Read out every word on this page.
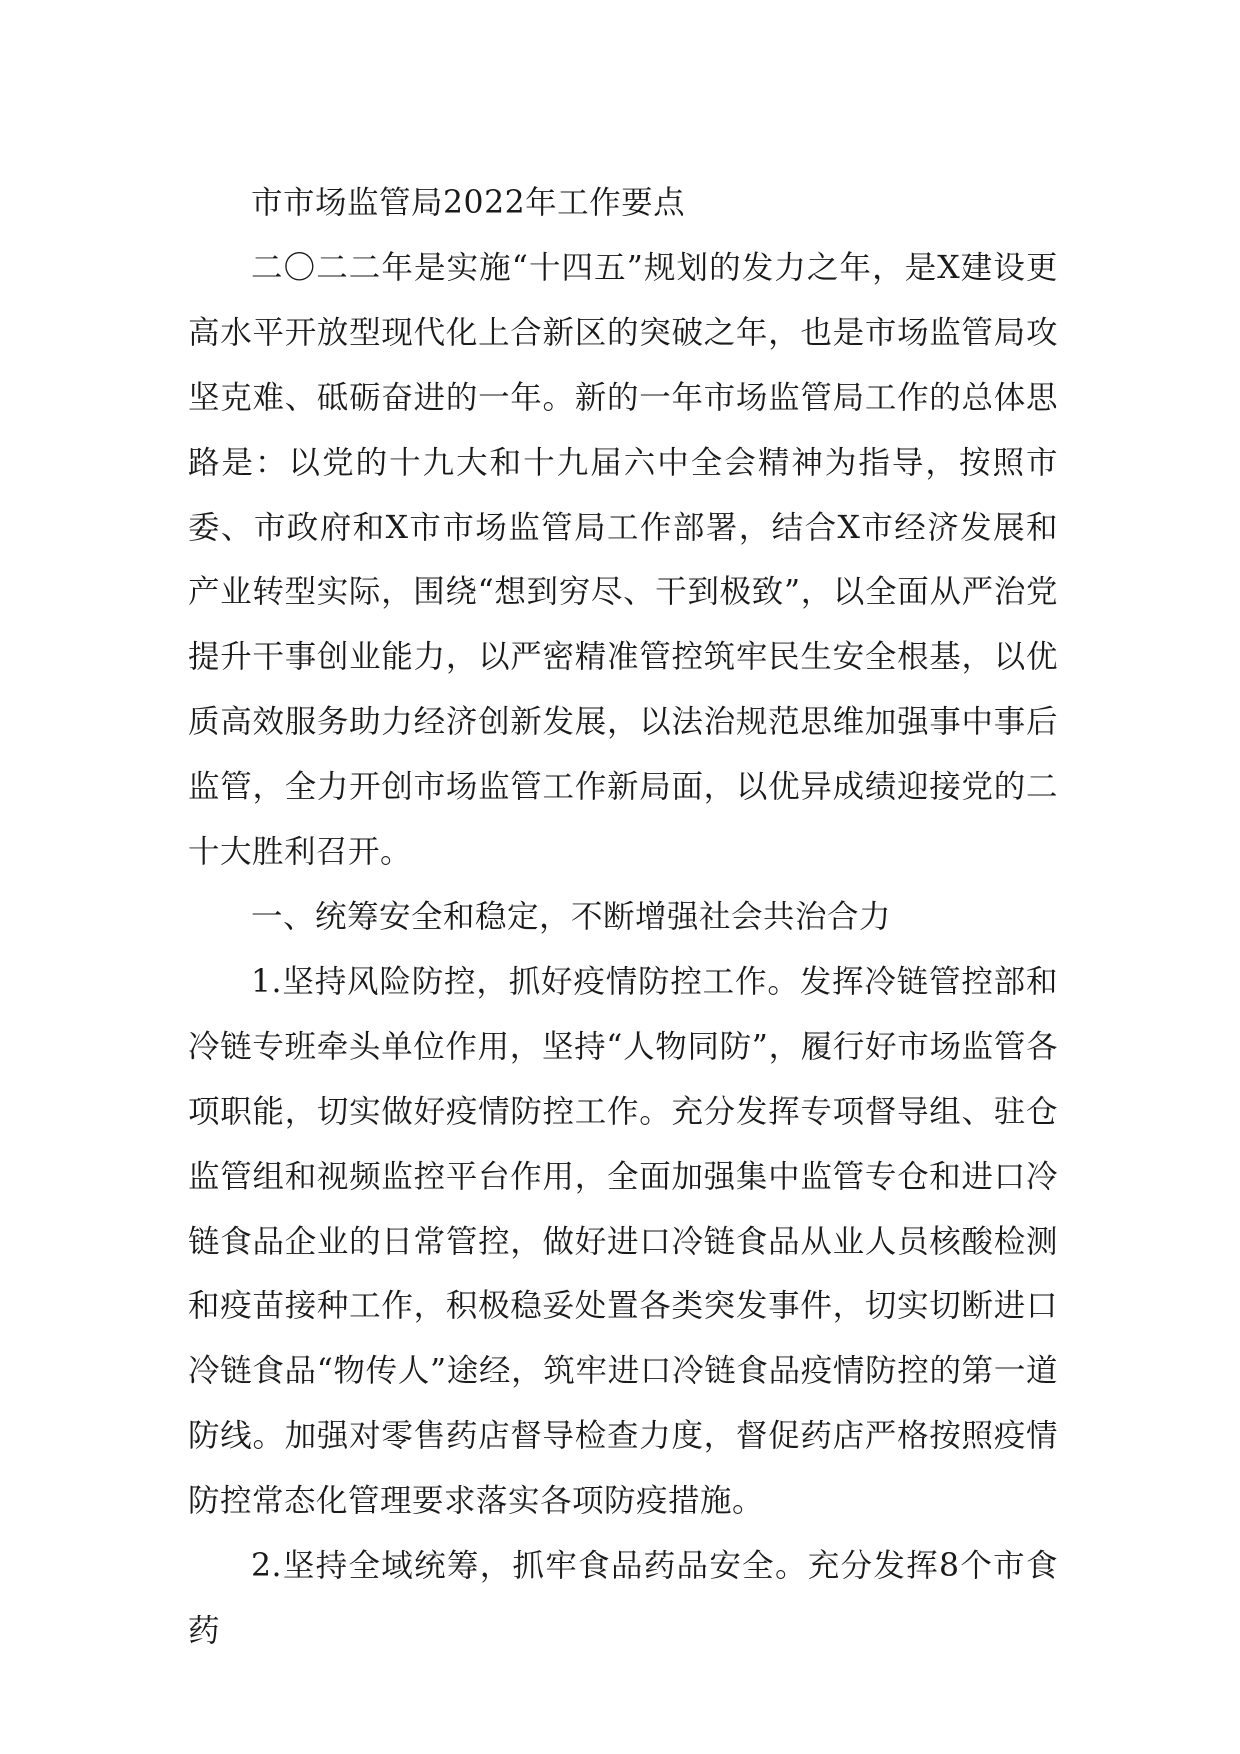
市市场监管局2022年工作要点

二〇二二年是实施“十四五”规划的发力之年，是X建设更高水平开放型现代化上合新区的突破之年，也是市场监管局攻坚克难、砥砺奋进的一年。新的一年市场监管局工作的总体思路是：以党的十九大和十九届六中全会精神为指导，按照市委、市政府和X市市场监管局工作部署，结合X市经济发展和产业转型实际，围绕“想到穷尽、干到极致”，以全面从严治党提升干事创业能力，以严密精准管控筑牢民生安全根基，以优质高效服务助力经济创新发展，以法治规范思维加强事中事后监管，全力开创市场监管工作新局面，以优异成绩迎接党的二十大胜利召开。

一、统筹安全和稳定，不断增强社会共治合力

1.坚持风险防控，抓好疫情防控工作。发挥冷链管控部和冷链专班牵头单位作用，坚持“人物同防”，履行好市场监管各项职能，切实做好疫情防控工作。充分发挥专项督导组、驻仓监管组和视频监控平台作用，全面加强集中监管专仓和进口冷链食品企业的日常管控，做好进口冷链食品从业人员核酸检测和疫苗接种工作，积极稳妥处置各类突发事件，切实切断进口冷链食品“物传人”途经，筑牢进口冷链食品疫情防控的第一道防线。加强对零售药店督导检查力度，督促药店严格按照疫情防控常态化管理要求落实各项防疫措施。

2.坚持全域统筹，抓牢食品药品安全。充分发挥8个市食药
